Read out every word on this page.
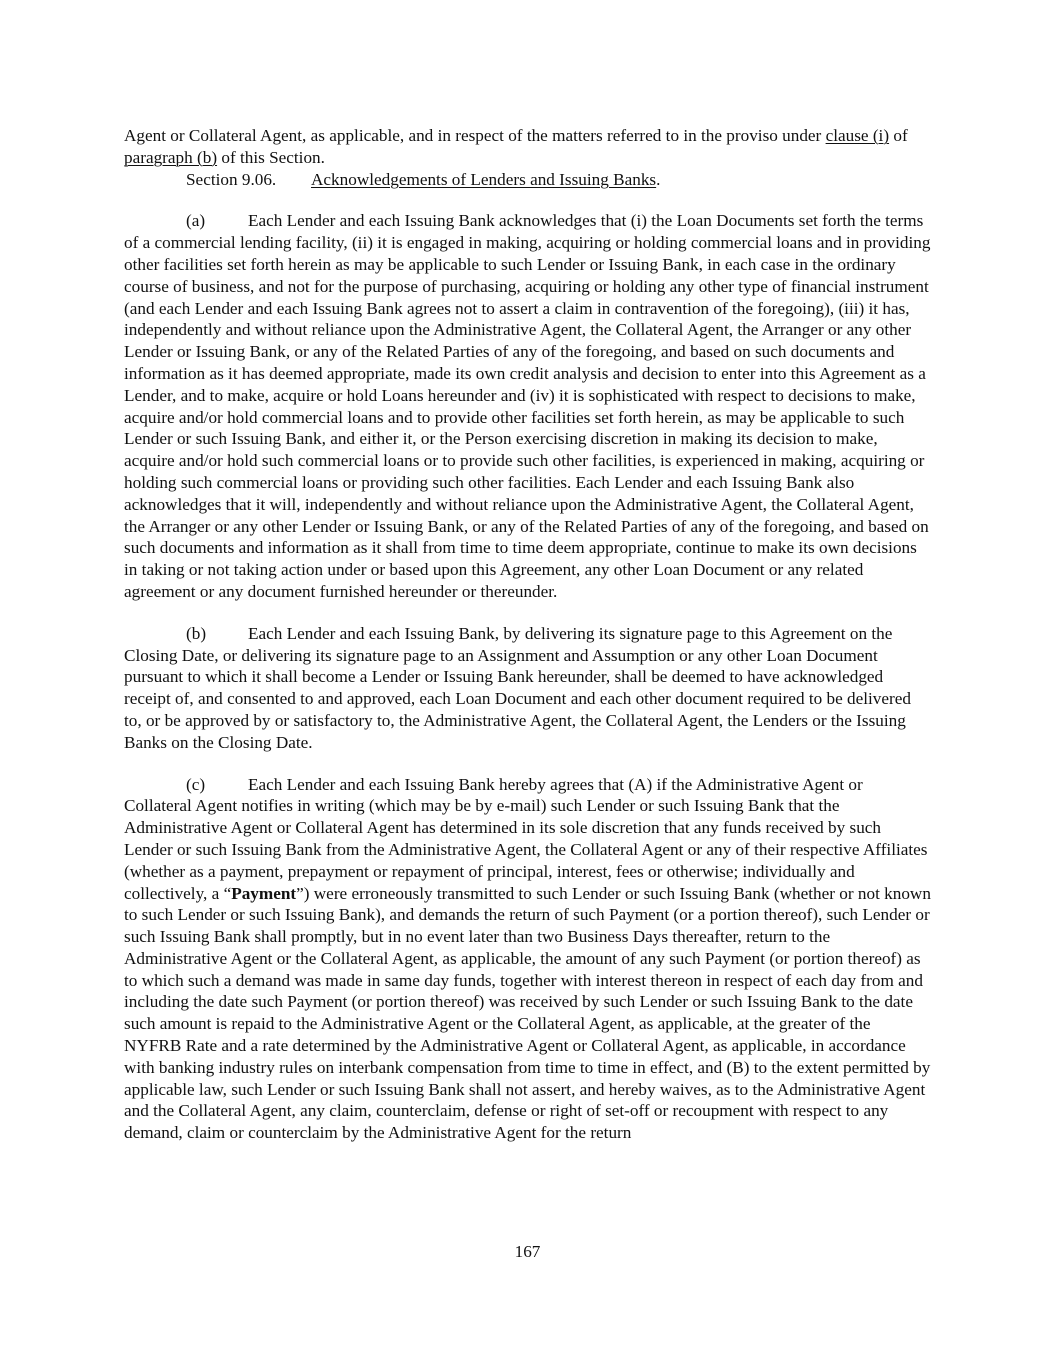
Agent or Collateral Agent, as applicable, and in respect of the matters referred to in the proviso under clause (i) of paragraph (b) of this Section.

Section 9.06. Acknowledgements of Lenders and Issuing Banks.

(a) Each Lender and each Issuing Bank acknowledges that (i) the Loan Documents set forth the terms of a commercial lending facility, (ii) it is engaged in making, acquiring or holding commercial loans and in providing other facilities set forth herein as may be applicable to such Lender or Issuing Bank, in each case in the ordinary course of business, and not for the purpose of purchasing, acquiring or holding any other type of financial instrument (and each Lender and each Issuing Bank agrees not to assert a claim in contravention of the foregoing), (iii) it has, independently and without reliance upon the Administrative Agent, the Collateral Agent, the Arranger or any other Lender or Issuing Bank, or any of the Related Parties of any of the foregoing, and based on such documents and information as it has deemed appropriate, made its own credit analysis and decision to enter into this Agreement as a Lender, and to make, acquire or hold Loans hereunder and (iv) it is sophisticated with respect to decisions to make, acquire and/or hold commercial loans and to provide other facilities set forth herein, as may be applicable to such Lender or such Issuing Bank, and either it, or the Person exercising discretion in making its decision to make, acquire and/or hold such commercial loans or to provide such other facilities, is experienced in making, acquiring or holding such commercial loans or providing such other facilities. Each Lender and each Issuing Bank also acknowledges that it will, independently and without reliance upon the Administrative Agent, the Collateral Agent, the Arranger or any other Lender or Issuing Bank, or any of the Related Parties of any of the foregoing, and based on such documents and information as it shall from time to time deem appropriate, continue to make its own decisions in taking or not taking action under or based upon this Agreement, any other Loan Document or any related agreement or any document furnished hereunder or thereunder.

(b) Each Lender and each Issuing Bank, by delivering its signature page to this Agreement on the Closing Date, or delivering its signature page to an Assignment and Assumption or any other Loan Document pursuant to which it shall become a Lender or Issuing Bank hereunder, shall be deemed to have acknowledged receipt of, and consented to and approved, each Loan Document and each other document required to be delivered to, or be approved by or satisfactory to, the Administrative Agent, the Collateral Agent, the Lenders or the Issuing Banks on the Closing Date.

(c) Each Lender and each Issuing Bank hereby agrees that (A) if the Administrative Agent or Collateral Agent notifies in writing (which may be by e-mail) such Lender or such Issuing Bank that the Administrative Agent or Collateral Agent has determined in its sole discretion that any funds received by such Lender or such Issuing Bank from the Administrative Agent, the Collateral Agent or any of their respective Affiliates (whether as a payment, prepayment or repayment of principal, interest, fees or otherwise; individually and collectively, a “Payment”) were erroneously transmitted to such Lender or such Issuing Bank (whether or not known to such Lender or such Issuing Bank), and demands the return of such Payment (or a portion thereof), such Lender or such Issuing Bank shall promptly, but in no event later than two Business Days thereafter, return to the Administrative Agent or the Collateral Agent, as applicable, the amount of any such Payment (or portion thereof) as to which such a demand was made in same day funds, together with interest thereon in respect of each day from and including the date such Payment (or portion thereof) was received by such Lender or such Issuing Bank to the date such amount is repaid to the Administrative Agent or the Collateral Agent, as applicable, at the greater of the NYFRB Rate and a rate determined by the Administrative Agent or Collateral Agent, as applicable, in accordance with banking industry rules on interbank compensation from time to time in effect, and (B) to the extent permitted by applicable law, such Lender or such Issuing Bank shall not assert, and hereby waives, as to the Administrative Agent and the Collateral Agent, any claim, counterclaim, defense or right of set-off or recoupment with respect to any demand, claim or counterclaim by the Administrative Agent for the return

167
